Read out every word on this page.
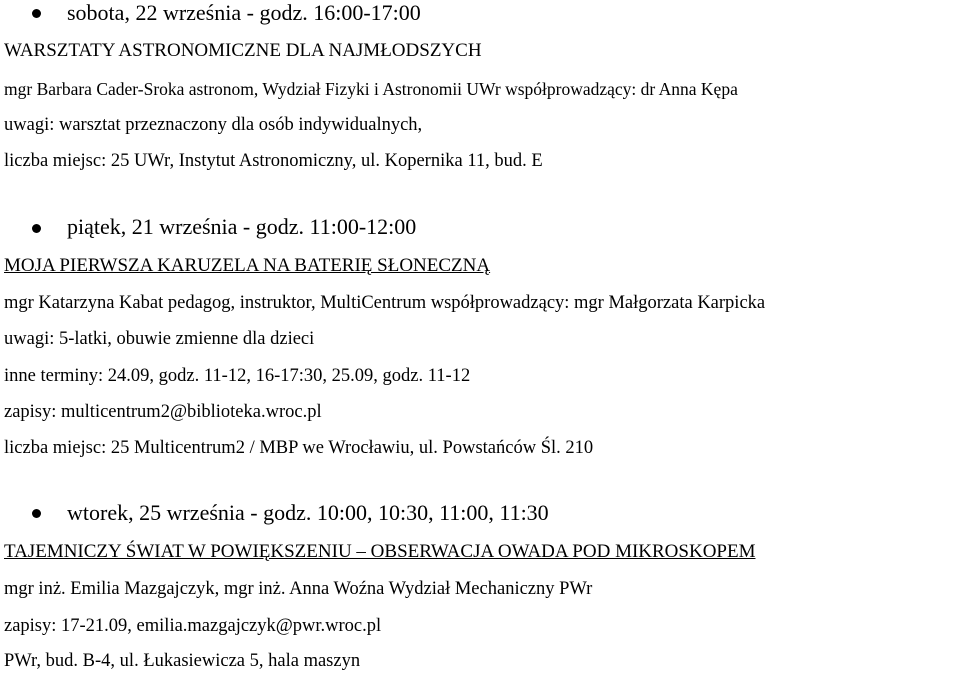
sobota, 22 września - godz. 16:00-17:00
WARSZTATY ASTRONOMICZNE DLA NAJMŁODSZYCH
mgr Barbara Cader-Sroka astronom, Wydział Fizyki i Astronomii UWr współprowadzący: dr Anna Kępa
uwagi: warsztat przeznaczony dla osób indywidualnych,
liczba miejsc: 25 UWr, Instytut Astronomiczny, ul. Kopernika 11, bud. E
piątek, 21 września - godz. 11:00-12:00
MOJA PIERWSZA KARUZELA NA BATERIĘ SŁONECZNĄ
mgr Katarzyna Kabat pedagog, instruktor, MultiCentrum współprowadzący: mgr Małgorzata Karpicka
uwagi: 5-latki, obuwie zmienne dla dzieci
inne terminy: 24.09, godz. 11-12, 16-17:30, 25.09, godz. 11-12
zapisy: multicentrum2@biblioteka.wroc.pl
liczba miejsc: 25 Multicentrum2 / MBP we Wrocławiu, ul. Powstańców Śl. 210
wtorek, 25 września - godz. 10:00, 10:30, 11:00, 11:30
TAJEMNICZY ŚWIAT W POWIĘKSZENIU – OBSERWACJA OWADA POD MIKROSKOPEM
mgr inż. Emilia Mazgajczyk, mgr inż. Anna Woźna Wydział Mechaniczny PWr
zapisy: 17-21.09, emilia.mazgajczyk@pwr.wroc.pl
PWr, bud. B-4, ul. Łukasiewicza 5, hala maszyn
